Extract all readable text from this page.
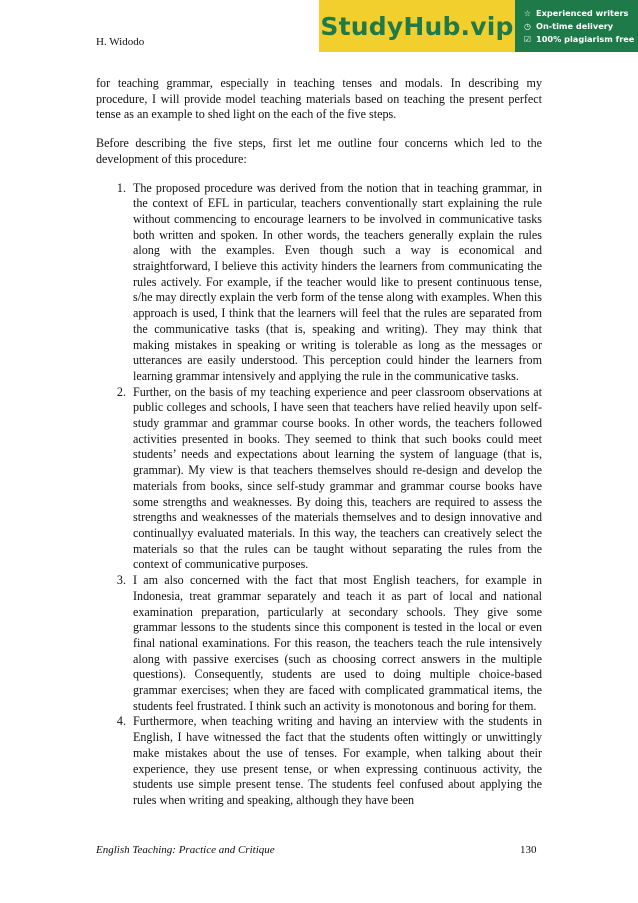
H. Widodo

StudyHub.vip ☆ Experienced writers
◷ On-time delivery
☑ 100% plagiarism free

for teaching grammar, especially in teaching tenses and modals. In describing my procedure, I will provide model teaching materials based on teaching the present perfect tense as an example to shed light on the each of the five steps.

Before describing the five steps, first let me outline four concerns which led to the development of this procedure:

1. The proposed procedure was derived from the notion that in teaching grammar, in the context of EFL in particular, teachers conventionally start explaining the rule without commencing to encourage learners to be involved in communicative tasks both written and spoken. In other words, the teachers generally explain the rules along with the examples. Even though such a way is economical and straightforward, I believe this activity hinders the learners from communicating the rules actively. For example, if the teacher would like to present continuous tense, s/he may directly explain the verb form of the tense along with examples. When this approach is used, I think that the learners will feel that the rules are separated from the communicative tasks (that is, speaking and writing). They may think that making mistakes in speaking or writing is tolerable as long as the messages or utterances are easily understood. This perception could hinder the learners from learning grammar intensively and applying the rule in the communicative tasks.
2. Further, on the basis of my teaching experience and peer classroom observations at public colleges and schools, I have seen that teachers have relied heavily upon self-study grammar and grammar course books. In other words, the teachers followed activities presented in books. They seemed to think that such books could meet students’ needs and expectations about learning the system of language (that is, grammar). My view is that teachers themselves should re-design and develop the materials from books, since self-study grammar and grammar course books have some strengths and weaknesses. By doing this, teachers are required to assess the strengths and weaknesses of the materials themselves and to design innovative and continuallyy evaluated materials. In this way, the teachers can creatively select the materials so that the rules can be taught without separating the rules from the context of communicative purposes.
3. I am also concerned with the fact that most English teachers, for example in Indonesia, treat grammar separately and teach it as part of local and national examination preparation, particularly at secondary schools. They give some grammar lessons to the students since this component is tested in the local or even final national examinations. For this reason, the teachers teach the rule intensively along with passive exercises (such as choosing correct answers in the multiple questions). Consequently, students are used to doing multiple choice-based grammar exercises; when they are faced with complicated grammatical items, the students feel frustrated. I think such an activity is monotonous and boring for them.
4. Furthermore, when teaching writing and having an interview with the students in English, I have witnessed the fact that the students often wittingly or unwittingly make mistakes about the use of tenses. For example, when talking about their experience, they use present tense, or when expressing continuous activity, the students use simple present tense. The students feel confused about applying the rules when writing and speaking, although they have been
English Teaching: Practice and Critique	130
